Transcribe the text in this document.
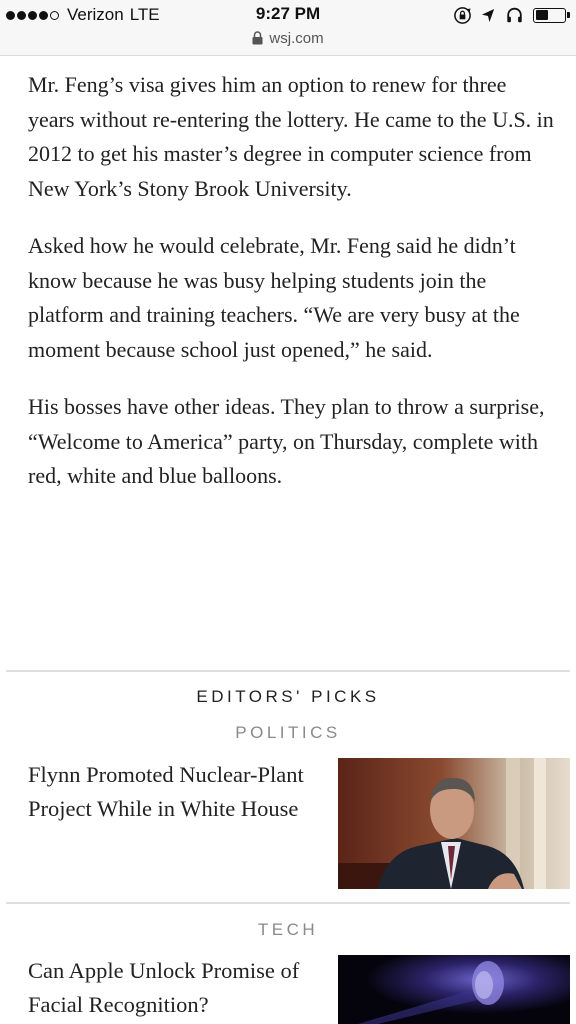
Verizon LTE	9:27 PM
wsj.com

Mr. Feng’s visa gives him an option to renew for three years without re-entering the lottery. He came to the U.S. in 2012 to get his master’s degree in computer science from New York’s Stony Brook University.

Asked how he would celebrate, Mr. Feng said he didn’t know because he was busy helping students join the platform and training teachers. “We are very busy at the moment because school just opened,” he said.

His bosses have other ideas. They plan to throw a surprise, “Welcome to America” party, on Thursday, complete with red, white and blue balloons.

EDITORS' PICKS
POLITICS
Flynn Promoted Nuclear-Plant Project While in White House
TECH
Can Apple Unlock Promise of Facial Recognition?
